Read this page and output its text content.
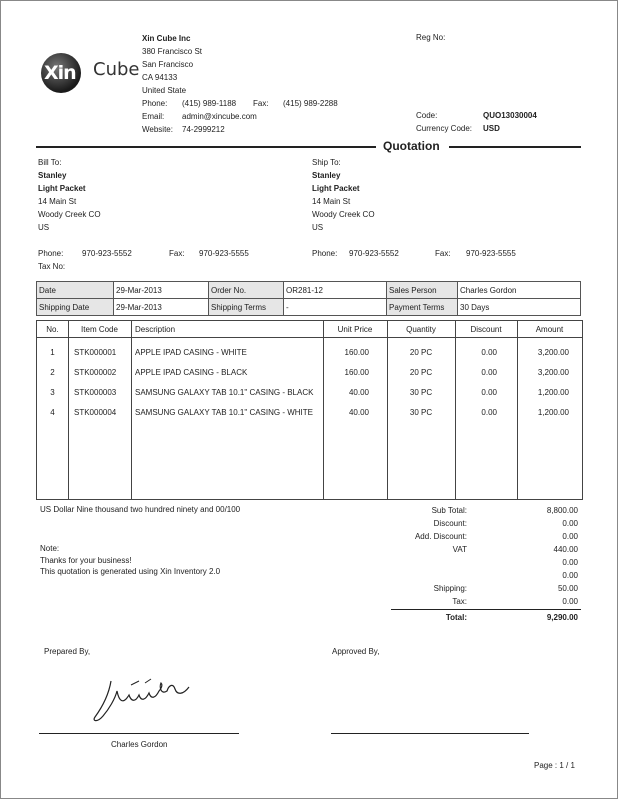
Xin Cube
Xin Cube Inc
380 Francisco St
San Francisco
CA 94133
United State
Phone: (415) 989-1188 Fax: (415) 989-2288
Email: admin@xincube.com
Website: 74-2999212
Reg No:
Code:	QUO13030004
Currency Code: USD
Quotation
Bill To:
Stanley
Light Packet
14 Main St
Woody Creek CO
US
Phone: 970-923-5552	Fax: 970-923-5555
Tax No:
Ship To:
Stanley
Light Packet
14 Main St
Woody Creek CO
US
Phone: 970-923-5552	Fax: 970-923-5555
Date	29-Mar-2013	Order No.	OR281-12	Sales Person	Charles Gordon
Shipping Date	29-Mar-2013	Shipping Terms	-	Payment Terms	30 Days
No.	Item Code	Description	Unit Price	Quantity	Discount	Amount
1	STK000001 APPLE IPAD CASING - WHITE	160.00	20 PC	0.00	3,200.00
2	STK000002 APPLE IPAD CASING - BLACK	160.00	20 PC	0.00	3,200.00
3	STK000003 SAMSUNG GALAXY TAB 10.1" CASING - BLACK	40.00	30 PC	0.00	1,200.00
4	STK000004 SAMSUNG GALAXY TAB 10.1" CASING - WHITE	40.00	30 PC	0.00	1,200.00
US Dollar Nine thousand two hundred ninety and 00/100
Note:
Thanks for your business!
This quotation is generated using Xin Inventory 2.0
Sub Total:	8,800.00
Discount:	0.00
Add. Discount:	0.00
VAT	440.00
0.00
0.00
Shipping:	50.00
Tax:	0.00
Total:	9,290.00
Prepared By,	Approved By,
Charles Gordon
Page : 1 / 1
